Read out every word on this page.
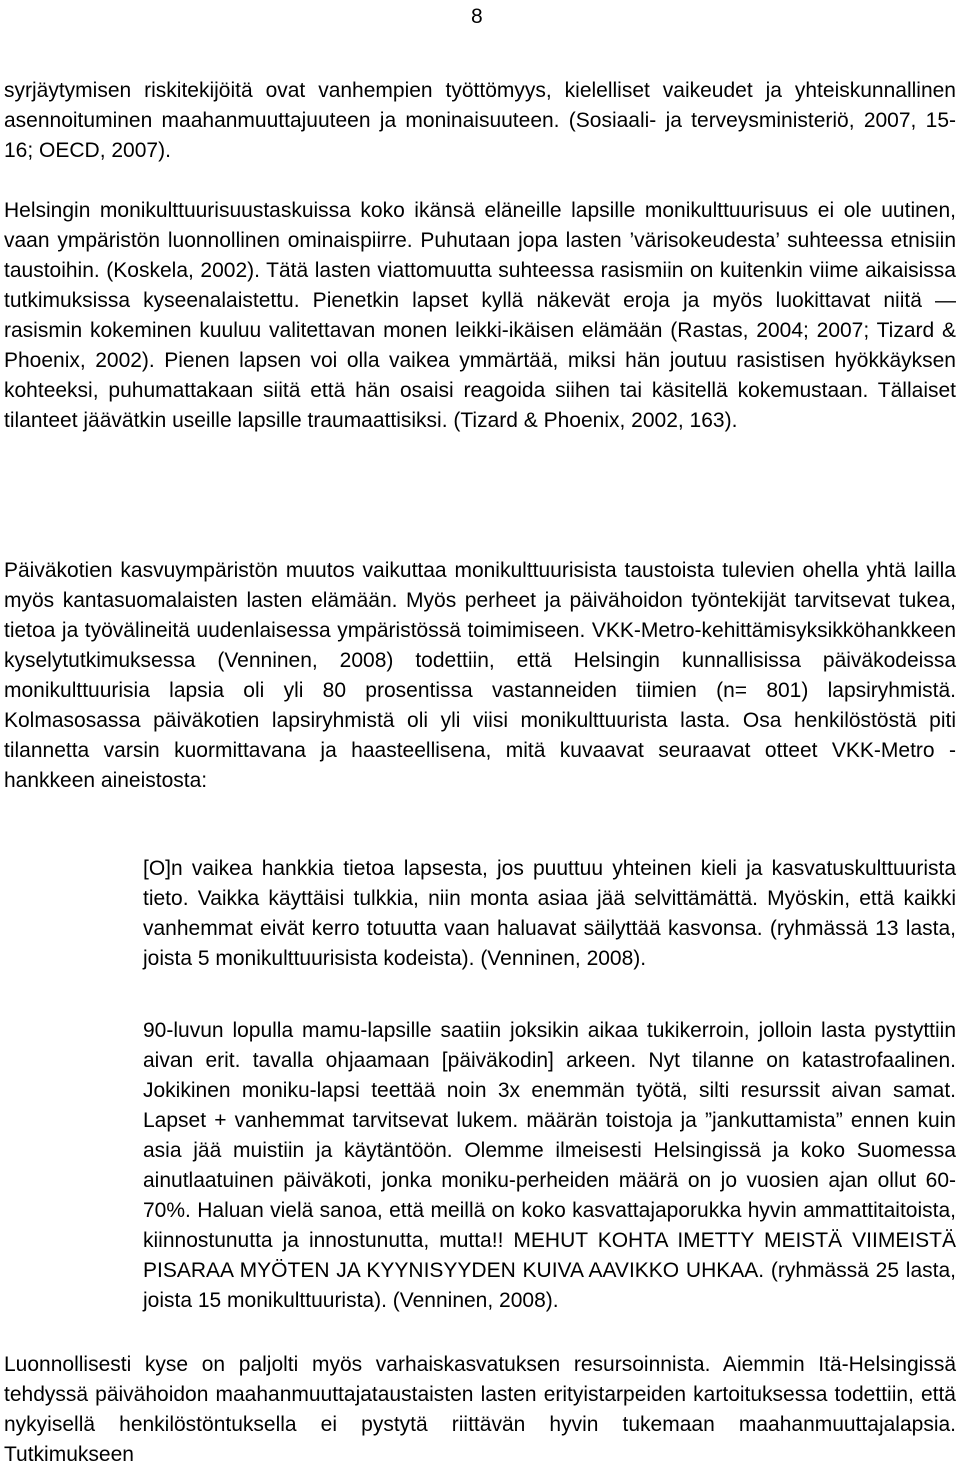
8

syrjäytymisen riskitekijöitä ovat vanhempien työttömyys, kielelliset vaikeudet ja yhteiskunnallinen asennoituminen maahanmuuttajuuteen ja moninaisuuteen. (Sosiaali- ja terveysministeriö, 2007, 15-16; OECD, 2007).

Helsingin monikulttuurisuustaskuissa koko ikänsä eläneille lapsille monikulttuurisuus ei ole uutinen, vaan ympäristön luonnollinen ominaispiirre. Puhutaan jopa lasten ’värisokeudesta’ suhteessa etnisiin taustoihin. (Koskela, 2002). Tätä lasten viattomuutta suhteessa rasismiin on kuitenkin viime aikaisissa tutkimuksissa kyseenalaistettu. Pienetkin lapset kyllä näkevät eroja ja myös luokittavat niitä — rasismin kokeminen kuuluu valitettavan monen leikki-ikäisen elämään (Rastas, 2004; 2007; Tizard & Phoenix, 2002). Pienen lapsen voi olla vaikea ymmärtää, miksi hän joutuu rasistisen hyökkäyksen kohteeksi, puhumattakaan siitä että hän osaisi reagoida siihen tai käsitellä kokemustaan. Tällaiset tilanteet jäävätkin useille lapsille traumaattisiksi. (Tizard & Phoenix, 2002, 163).

Päiväkotien kasvuympäristön muutos vaikuttaa monikulttuurisista taustoista tulevien ohella yhtä lailla myös kantasuomalaisten lasten elämään. Myös perheet ja päivähoidon työntekijät tarvitsevat tukea, tietoa ja työvälineitä uudenlaisessa ympäristössä toimimiseen. VKK-Metro-kehittämisyksikköhankkeen kyselytutkimuksessa (Venninen, 2008) todettiin, että Helsingin kunnallisissa päiväkodeissa monikulttuurisia lapsia oli yli 80 prosentissa vastanneiden tiimien (n= 801) lapsiryhmistä. Kolmasosassa päiväkotien lapsiryhmistä oli yli viisi monikulttuurista lasta. Osa henkilöstöstä piti tilannetta varsin kuormittavana ja haasteellisena, mitä kuvaavat seuraavat otteet VKK-Metro -hankkeen aineistosta:

[O]n vaikea hankkia tietoa lapsesta, jos puuttuu yhteinen kieli ja kasvatuskulttuurista tieto. Vaikka käyttäisi tulkkia, niin monta asiaa jää selvittämättä. Myöskin, että kaikki vanhemmat eivät kerro totuutta vaan haluavat säilyttää kasvonsa. (ryhmässä 13 lasta, joista 5 monikulttuurisista kodeista). (Venninen, 2008).

90-luvun lopulla mamu-lapsille saatiin joksikin aikaa tukikerroin, jolloin lasta pystyttiin aivan erit. tavalla ohjaamaan [päiväkodin] arkeen. Nyt tilanne on katastrofaalinen. Jokikinen moniku-lapsi teettää noin 3x enemmän työtä, silti resurssit aivan samat. Lapset + vanhemmat tarvitsevat lukem. määrän toistoja ja ”jankuttamista” ennen kuin asia jää muistiin ja käytäntöön. Olemme ilmeisesti Helsingissä ja koko Suomessa ainutlaatuinen päiväkoti, jonka moniku-perheiden määrä on jo vuosien ajan ollut 60-70%. Haluan vielä sanoa, että meillä on koko kasvattajaporukka hyvin ammattitaitoista, kiinnostunutta ja innostunutta, mutta!! MEHUT KOHTA IMETTY MEISTÄ VIIMEISTÄ PISARAA MYÖTEN JA KYYNISYYDEN KUIVA AAVIKKO UHKAA. (ryhmässä 25 lasta, joista 15 monikulttuurista). (Venninen, 2008).

Luonnollisesti kyse on paljolti myös varhaiskasvatuksen resursoinnista. Aiemmin Itä-Helsingissä tehdyssä päivähoidon maahanmuuttajataustaisten lasten erityistarpeiden kartoituksessa todettiin, että nykyisellä henkilöstöntuksella ei pystytä riittävän hyvin tukemaan maahanmuuttajalapsia. Tutkimukseen
